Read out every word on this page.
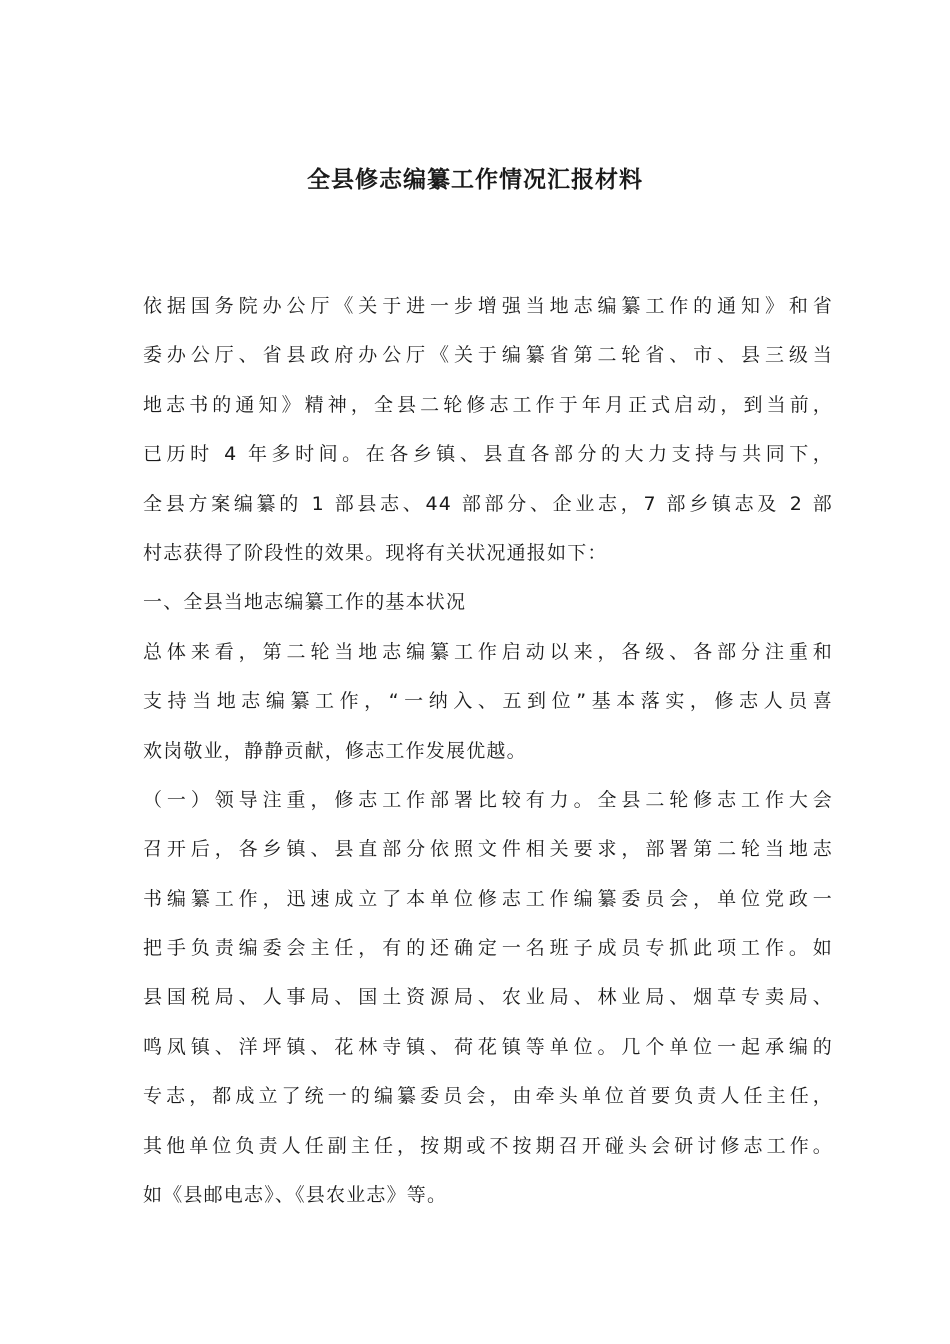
全县修志编纂工作情况汇报材料

依据国务院办公厅《关于进一步增强当地志编纂工作的通知》和省

委办公厅、省县政府办公厅《关于编纂省第二轮省、市、县三级当

地志书的通知》精神，全县二轮修志工作于年月正式启动，到当前，

已历时 4 年多时间。在各乡镇、县直各部分的大力支持与共同下，

全县方案编纂的 1 部县志、44 部部分、企业志，7 部乡镇志及 2 部

村志获得了阶段性的效果。现将有关状况通报如下：

一、全县当地志编纂工作的基本状况

总体来看，第二轮当地志编纂工作启动以来，各级、各部分注重和

支持当地志编纂工作，“一纳入、五到位”基本落实，修志人员喜

欢岗敬业，静静贡献，修志工作发展优越。

（一）领导注重，修志工作部署比较有力。全县二轮修志工作大会

召开后，各乡镇、县直部分依照文件相关要求，部署第二轮当地志

书编纂工作，迅速成立了本单位修志工作编纂委员会，单位党政一

把手负责编委会主任，有的还确定一名班子成员专抓此项工作。如

县国税局、人事局、国土资源局、农业局、林业局、烟草专卖局、

鸣凤镇、洋坪镇、花林寺镇、荷花镇等单位。几个单位一起承编的

专志，都成立了统一的编纂委员会，由牵头单位首要负责人任主任，

其他单位负责人任副主任，按期或不按期召开碰头会研讨修志工作。

如《县邮电志》、《县农业志》等。
